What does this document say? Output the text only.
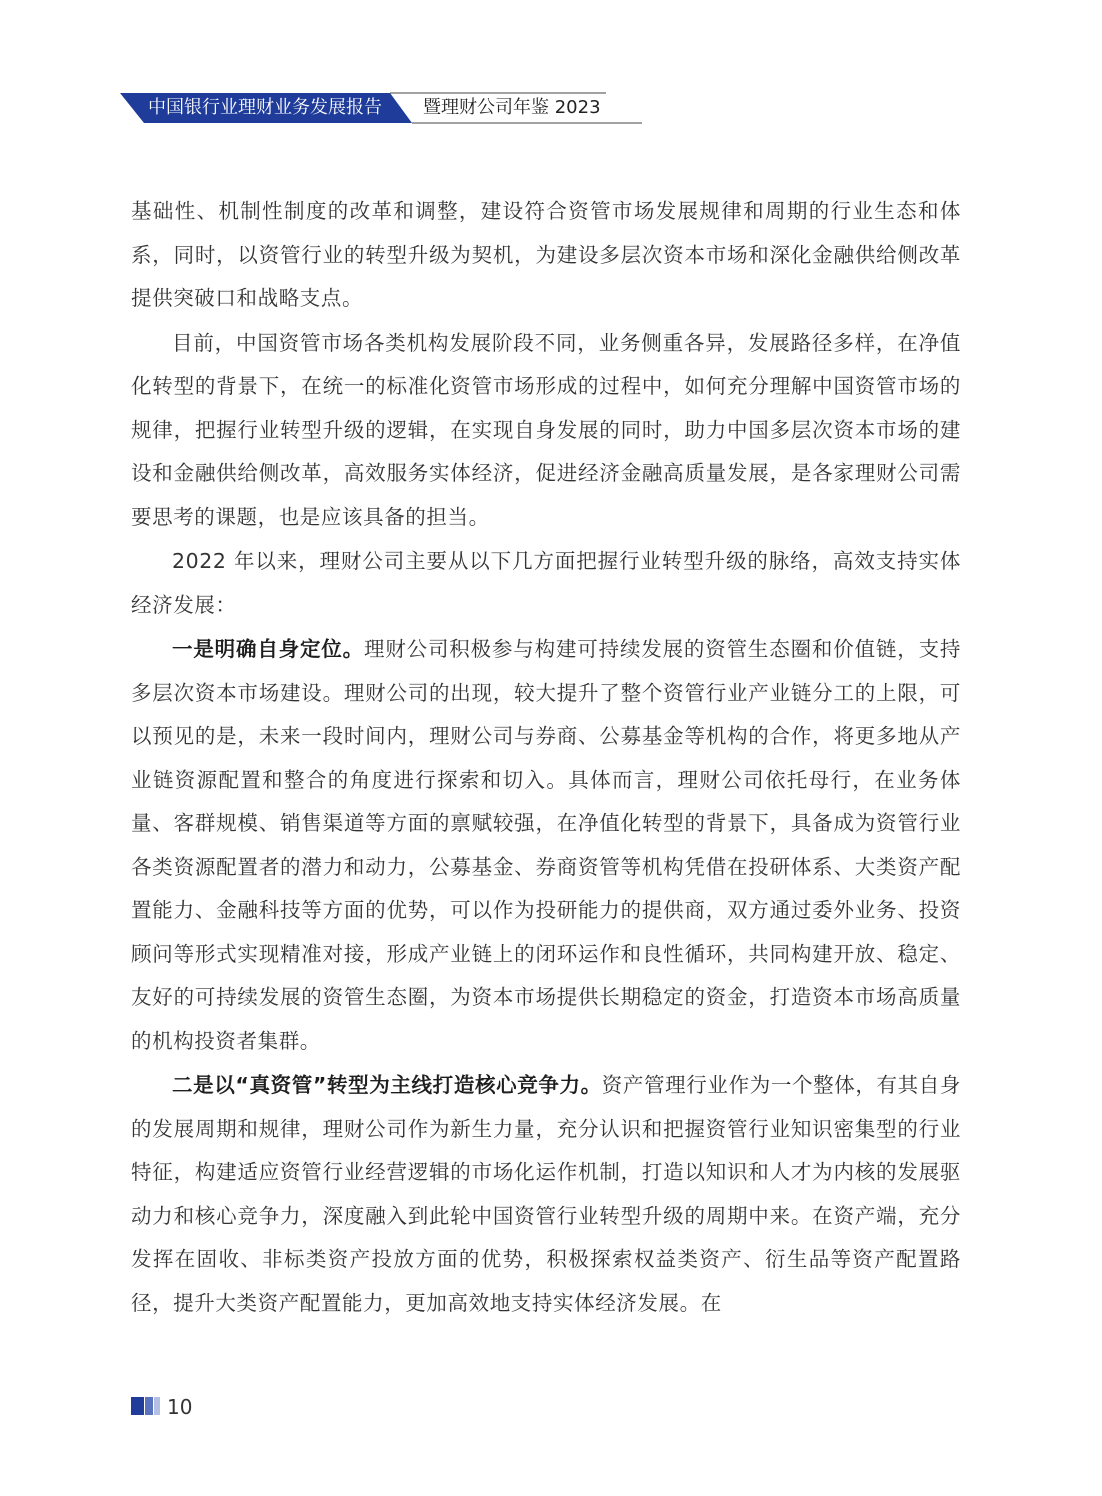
中国银行业理财业务发展报告 暨理财公司年鉴 2023

基础性、机制性制度的改革和调整，建设符合资管市场发展规律和周期的行业生态和体系，同时，以资管行业的转型升级为契机，为建设多层次资本市场和深化金融供给侧改革提供突破口和战略支点。

目前，中国资管市场各类机构发展阶段不同，业务侧重各异，发展路径多样，在净值化转型的背景下，在统一的标准化资管市场形成的过程中，如何充分理解中国资管市场的规律，把握行业转型升级的逻辑，在实现自身发展的同时，助力中国多层次资本市场的建设和金融供给侧改革，高效服务实体经济，促进经济金融高质量发展，是各家理财公司需要思考的课题，也是应该具备的担当。

2022 年以来，理财公司主要从以下几方面把握行业转型升级的脉络，高效支持实体经济发展：

一是明确自身定位。理财公司积极参与构建可持续发展的资管生态圈和价值链，支持多层次资本市场建设。理财公司的出现，较大提升了整个资管行业产业链分工的上限，可以预见的是，未来一段时间内，理财公司与券商、公募基金等机构的合作，将更多地从产业链资源配置和整合的角度进行探索和切入。具体而言，理财公司依托母行，在业务体量、客群规模、销售渠道等方面的禀赋较强，在净值化转型的背景下，具备成为资管行业各类资源配置者的潜力和动力，公募基金、券商资管等机构凭借在投研体系、大类资产配置能力、金融科技等方面的优势，可以作为投研能力的提供商，双方通过委外业务、投资顾问等形式实现精准对接，形成产业链上的闭环运作和良性循环，共同构建开放、稳定、友好的可持续发展的资管生态圈，为资本市场提供长期稳定的资金，打造资本市场高质量的机构投资者集群。

二是以“真资管”转型为主线打造核心竞争力。资产管理行业作为一个整体，有其自身的发展周期和规律，理财公司作为新生力量，充分认识和把握资管行业知识密集型的行业特征，构建适应资管行业经营逻辑的市场化运作机制，打造以知识和人才为内核的发展驱动力和核心竞争力，深度融入到此轮中国资管行业转型升级的周期中来。在资产端，充分发挥在固收、非标类资产投放方面的优势，积极探索权益类资产、衍生品等资产配置路径，提升大类资产配置能力，更加高效地支持实体经济发展。在

10
